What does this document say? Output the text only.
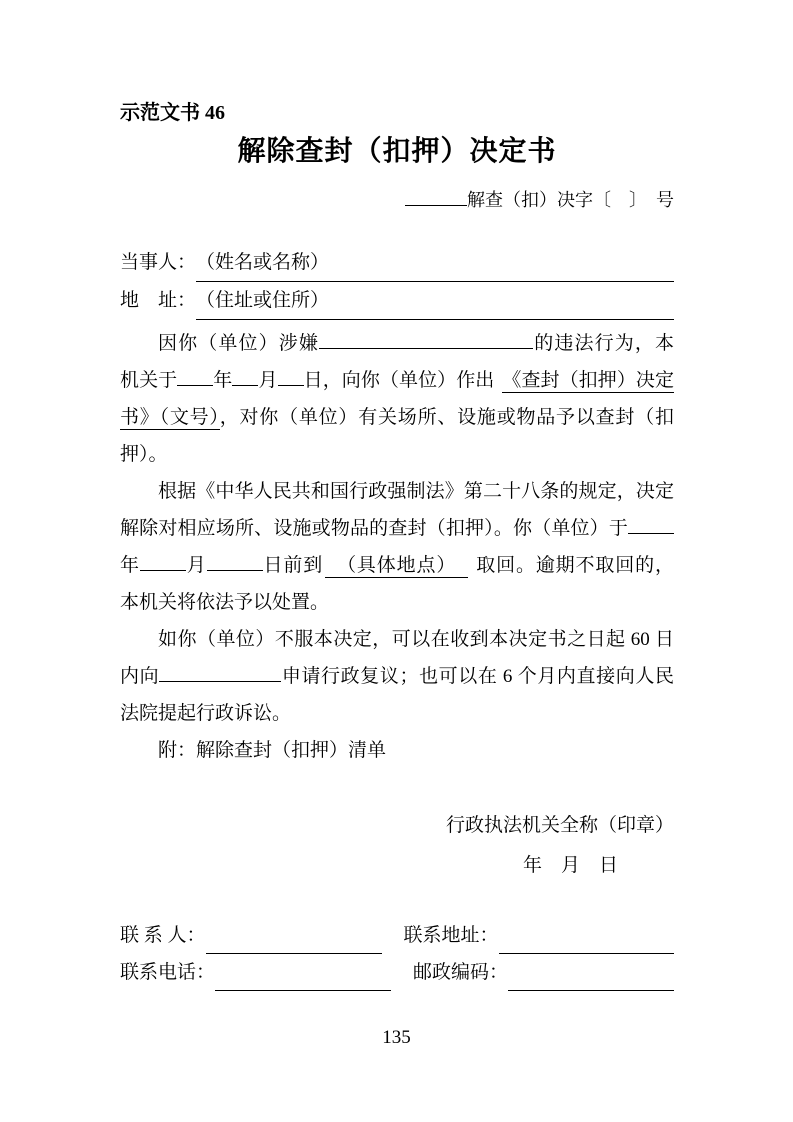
示范文书 46
解除查封（扣押）决定书
解查（扣）决字〔　〕　号
当事人： （姓名或名称）
地　址： （住址或住所）

因你（单位）涉嫌	的违法行为，本机关于 年 月 日，向你（单位）作出 《查封（扣押）决定书》（文号），对你（单位）有关场所、设施或物品予以查封（扣押）。

根据《中华人民共和国行政强制法》第二十八条的规定，决定解除对相应场所、设施或物品的查封（扣押）。你（单位）于年 月	日前到 （具体地点） 取回。逾期不取回的，本机关将依法予以处置。

如你（单位）不服本决定，可以在收到本决定书之日起 60 日内向	申请行政复议；也可以在 6 个月内直接向人民法院提起行政诉讼。

附：解除查封（扣押）清单

行政执法机关全称（印章）
年　月　日
联 系 人：	联系地址：
联系电话：	邮政编码：
135
